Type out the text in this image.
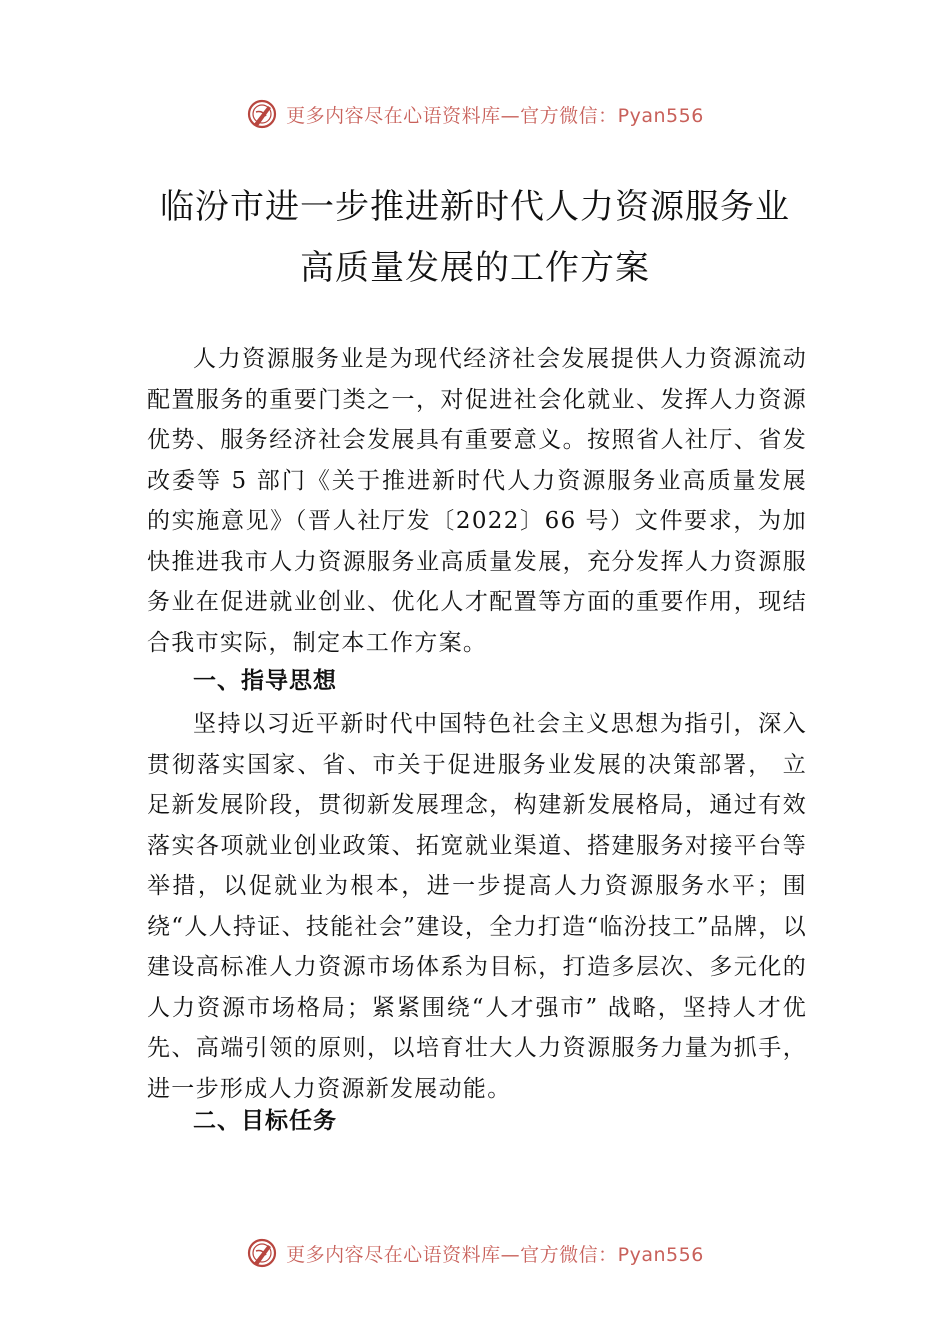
更多内容尽在心语资料库—官方微信：Pyan556
临汾市进一步推进新时代人力资源服务业
高质量发展的工作方案

人力资源服务业是为现代经济社会发展提供人力资源流动配置服务的重要门类之一，对促进社会化就业、发挥人力资源优势、服务经济社会发展具有重要意义。按照省人社厅、省发改委等 5 部门《关于推进新时代人力资源服务业高质量发展的实施意见》（晋人社厅发〔2022〕66 号）文件要求，为加快推进我市人力资源服务业高质量发展，充分发挥人力资源服务业在促进就业创业、优化人才配置等方面的重要作用，现结合我市实际，制定本工作方案。

一、指导思想

坚持以习近平新时代中国特色社会主义思想为指引，深入贯彻落实国家、省、市关于促进服务业发展的决策部署， 立足新发展阶段，贯彻新发展理念，构建新发展格局，通过有效落实各项就业创业政策、拓宽就业渠道、搭建服务对接平台等举措，以促就业为根本，进一步提高人力资源服务水平；围绕“人人持证、技能社会”建设，全力打造“临汾技工”品牌，以建设高标准人力资源市场体系为目标，打造多层次、多元化的人力资源市场格局；紧紧围绕“人才强市” 战略，坚持人才优先、高端引领的原则，以培育壮大人力资源服务力量为抓手，进一步形成人力资源新发展动能。

二、目标任务
更多内容尽在心语资料库—官方微信：Pyan556
